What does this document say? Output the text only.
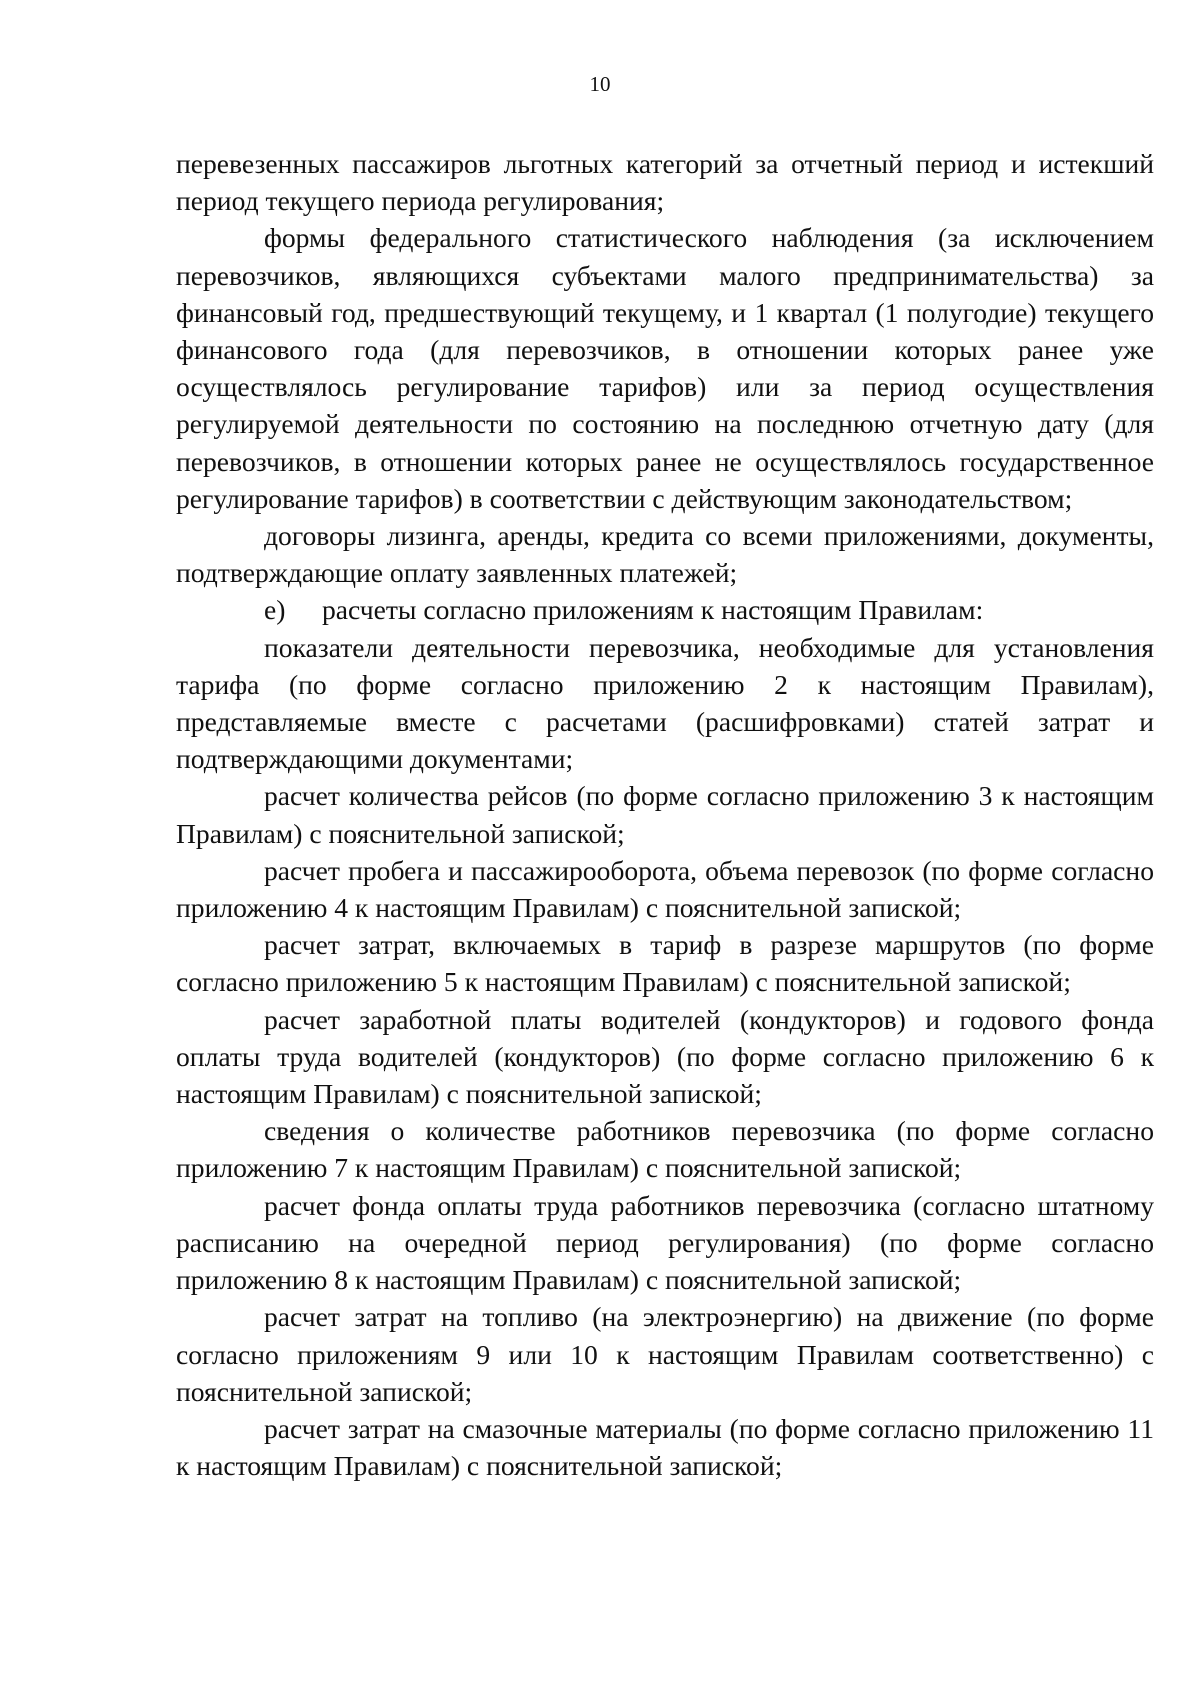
10

перевезенных пассажиров льготных категорий за отчетный период и истекший период текущего периода регулирования;

формы федерального статистического наблюдения (за исключением перевозчиков, являющихся субъектами малого предпринимательства) за финансовый год, предшествующий текущему, и 1 квартал (1 полугодие) текущего финансового года (для перевозчиков, в отношении которых ранее уже осуществлялось регулирование тарифов) или за период осуществления регулируемой деятельности по состоянию на последнюю отчетную дату (для перевозчиков, в отношении которых ранее не осуществлялось государственное регулирование тарифов) в соответствии с действующим законодательством;

договоры лизинга, аренды, кредита со всеми приложениями, документы, подтверждающие оплату заявленных платежей;

е) расчеты согласно приложениям к настоящим Правилам:

показатели деятельности перевозчика, необходимые для установления тарифа (по форме согласно приложению 2 к настоящим Правилам), представляемые вместе с расчетами (расшифровками) статей затрат и подтверждающими документами;

расчет количества рейсов (по форме согласно приложению 3 к настоящим Правилам) с пояснительной запиской;

расчет пробега и пассажирооборота, объема перевозок (по форме согласно приложению 4 к настоящим Правилам) с пояснительной запиской;

расчет затрат, включаемых в тариф в разрезе маршрутов (по форме согласно приложению 5 к настоящим Правилам) с пояснительной запиской;

расчет заработной платы водителей (кондукторов) и годового фонда оплаты труда водителей (кондукторов) (по форме согласно приложению 6 к настоящим Правилам) с пояснительной запиской;

сведения о количестве работников перевозчика (по форме согласно приложению 7 к настоящим Правилам) с пояснительной запиской;

расчет фонда оплаты труда работников перевозчика (согласно штатному расписанию на очередной период регулирования) (по форме согласно приложению 8 к настоящим Правилам) с пояснительной запиской;

расчет затрат на топливо (на электроэнергию) на движение (по форме согласно приложениям 9 или 10 к настоящим Правилам соответственно) с пояснительной запиской;

расчет затрат на смазочные материалы (по форме согласно приложению 11 к настоящим Правилам) с пояснительной запиской;
